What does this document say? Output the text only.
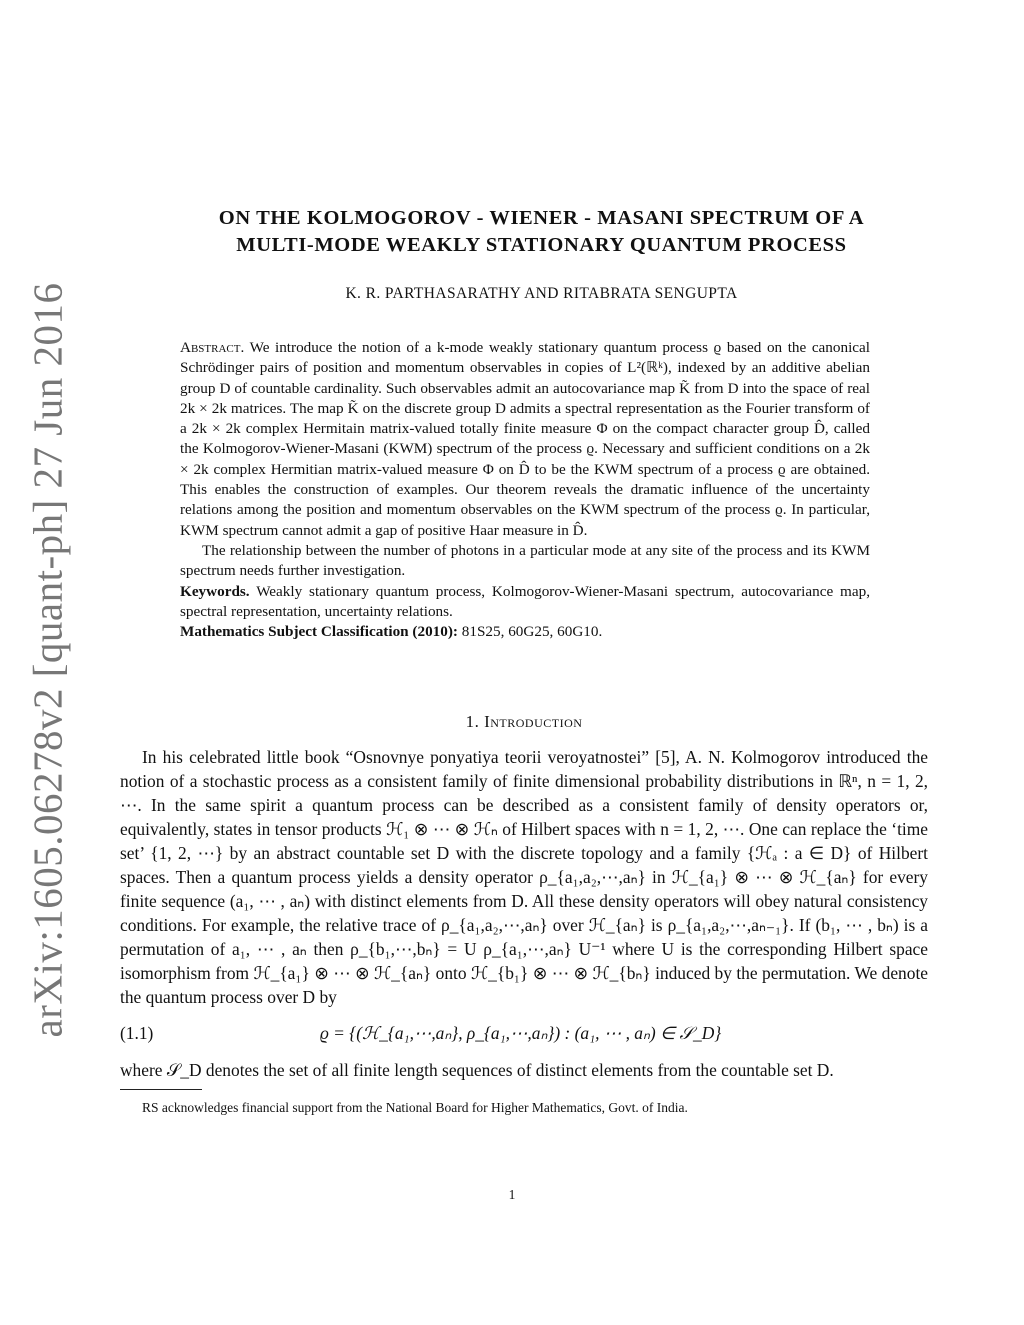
arXiv:1605.06278v2 [quant-ph] 27 Jun 2016
ON THE KOLMOGOROV - WIENER - MASANI SPECTRUM OF A
MULTI-MODE WEAKLY STATIONARY QUANTUM PROCESS
K. R. PARTHASARATHY AND RITABRATA SENGUPTA

Abstract. We introduce the notion of a k-mode weakly stationary quantum process ϱ based on the canonical Schrödinger pairs of position and momentum observables in copies of L²(ℝᵏ), indexed by an additive abelian group D of countable cardinality. Such observables admit an autocovariance map K̃ from D into the space of real 2k × 2k matrices. The map K̃ on the discrete group D admits a spectral representation as the Fourier transform of a 2k × 2k complex Hermitain matrix-valued totally finite measure Φ on the compact character group D̂, called the Kolmogorov-Wiener-Masani (KWM) spectrum of the process ϱ. Necessary and sufficient conditions on a 2k × 2k complex Hermitian matrix-valued measure Φ on D̂ to be the KWM spectrum of a process ϱ are obtained. This enables the construction of examples. Our theorem reveals the dramatic influence of the uncertainty relations among the position and momentum observables on the KWM spectrum of the process ϱ. In particular, KWM spectrum cannot admit a gap of positive Haar measure in D̂.

The relationship between the number of photons in a particular mode at any site of the process and its KWM spectrum needs further investigation.

Keywords. Weakly stationary quantum process, Kolmogorov-Wiener-Masani spectrum, autocovariance map, spectral representation, uncertainty relations.

Mathematics Subject Classification (2010): 81S25, 60G25, 60G10.

1. Introduction

In his celebrated little book “Osnovnye ponyatiya teorii veroyatnostei” [5], A. N. Kolmogorov introduced the notion of a stochastic process as a consistent family of finite dimensional probability distributions in ℝⁿ, n = 1, 2, ⋯. In the same spirit a quantum process can be described as a consistent family of density operators or, equivalently, states in tensor products ℋ₁ ⊗ ⋯ ⊗ ℋₙ of Hilbert spaces with n = 1, 2, ⋯. One can replace the ‘time set’ {1, 2, ⋯} by an abstract countable set D with the discrete topology and a family {ℋₐ : a ∈ D} of Hilbert spaces. Then a quantum process yields a density operator ρ_{a₁,a₂,⋯,aₙ} in ℋ_{a₁} ⊗ ⋯ ⊗ ℋ_{aₙ} for every finite sequence (a₁, ⋯ , aₙ) with distinct elements from D. All these density operators will obey natural consistency conditions. For example, the relative trace of ρ_{a₁,a₂,⋯,aₙ} over ℋ_{aₙ} is ρ_{a₁,a₂,⋯,aₙ₋₁}. If (b₁, ⋯ , bₙ) is a permutation of a₁, ⋯ , aₙ then ρ_{b₁,⋯,bₙ} = U ρ_{a₁,⋯,aₙ} U⁻¹ where U is the corresponding Hilbert space isomorphism from ℋ_{a₁} ⊗ ⋯ ⊗ ℋ_{aₙ} onto ℋ_{b₁} ⊗ ⋯ ⊗ ℋ_{bₙ} induced by the permutation. We denote the quantum process over D by

(1.1)	ϱ = {(ℋ_{a₁,⋯,aₙ}, ρ_{a₁,⋯,aₙ}) : (a₁, ⋯ , aₙ) ∈ 𝒮_D}

where 𝒮_D denotes the set of all finite length sequences of distinct elements from the countable set D.

RS acknowledges financial support from the National Board for Higher Mathematics, Govt. of India.
1
